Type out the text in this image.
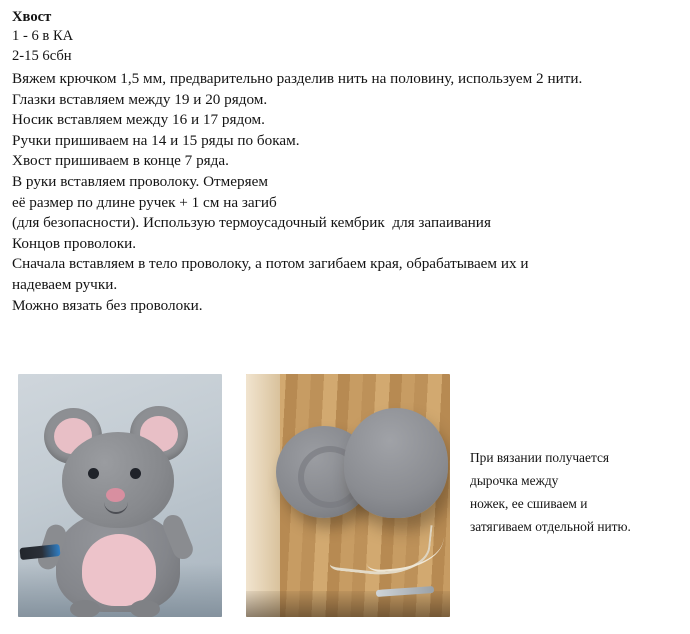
Хвост
1 - 6 в КА
2-15 6сбн
Вяжем крючком 1,5 мм, предварительно разделив нить на половину, используем 2 нити.
Глазки вставляем между 19 и 20 рядом.
Носик вставляем между 16 и 17 рядом.
Ручки пришиваем на 14 и 15 ряды по бокам.
Хвост пришиваем в конце 7 ряда.
В руки вставляем проволоку. Отмеряем
её размер по длине ручек + 1 см на загиб
(для безопасности). Использую термоусадочный кембрик  для запаивания
Концов проволоки.
Сначала вставляем в тело проволоку, а потом загибаем края, обрабатываем их и
надеваем ручки.
Можно вязать без проволоки.
При вязании получается
дырочка между
ножек, ее сшиваем и
затягиваем отдельной нитю.
